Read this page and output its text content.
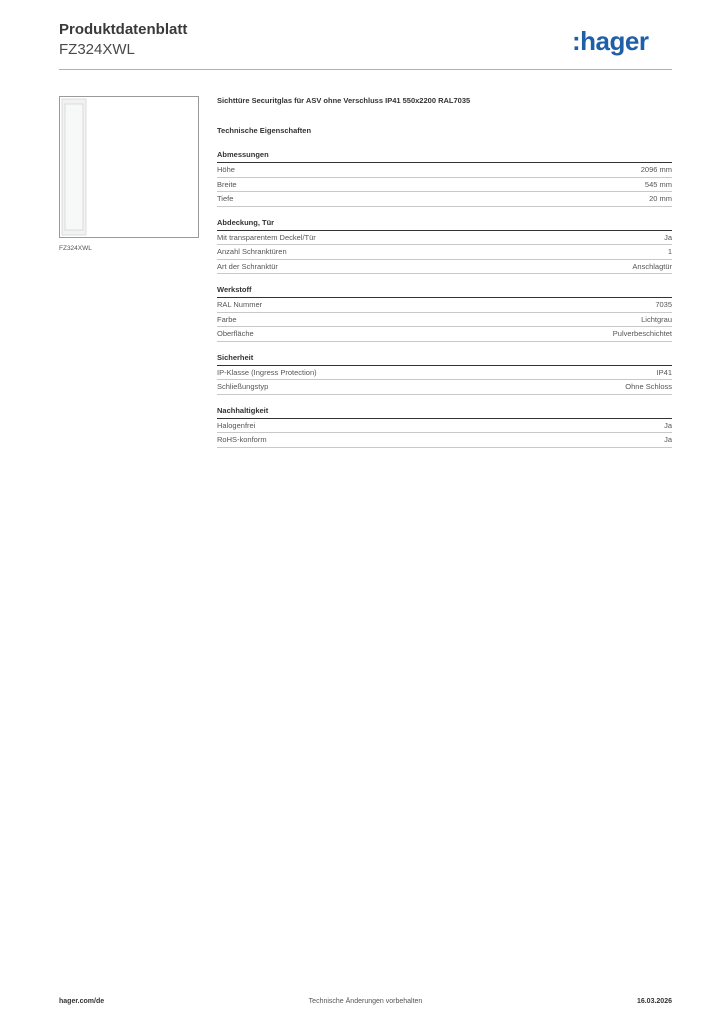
Produktdatenblatt
FZ324XWL	:hager
FZ324XWL
Sichttüre Securitglas für ASV ohne Verschluss IP41 550x2200 RAL7035
Technische Eigenschaften
Abmessungen
Höhe	2096 mm
Breite	545 mm
Tiefe	20 mm
Abdeckung, Tür
Mit transparentem Deckel/Tür	Ja
Anzahl Schranktüren	1
Art der Schranktür	Anschlagtür
Werkstoff
RAL Nummer	7035
Farbe	Lichtgrau
Oberfläche	Pulverbeschichtet
Sicherheit
IP-Klasse (Ingress Protection)	IP41
Schließungstyp	Ohne Schloss
Nachhaltigkeit
Halogenfrei	Ja
RoHS-konform	Ja
hager.com/de	Technische Änderungen vorbehalten	16.03.2026
